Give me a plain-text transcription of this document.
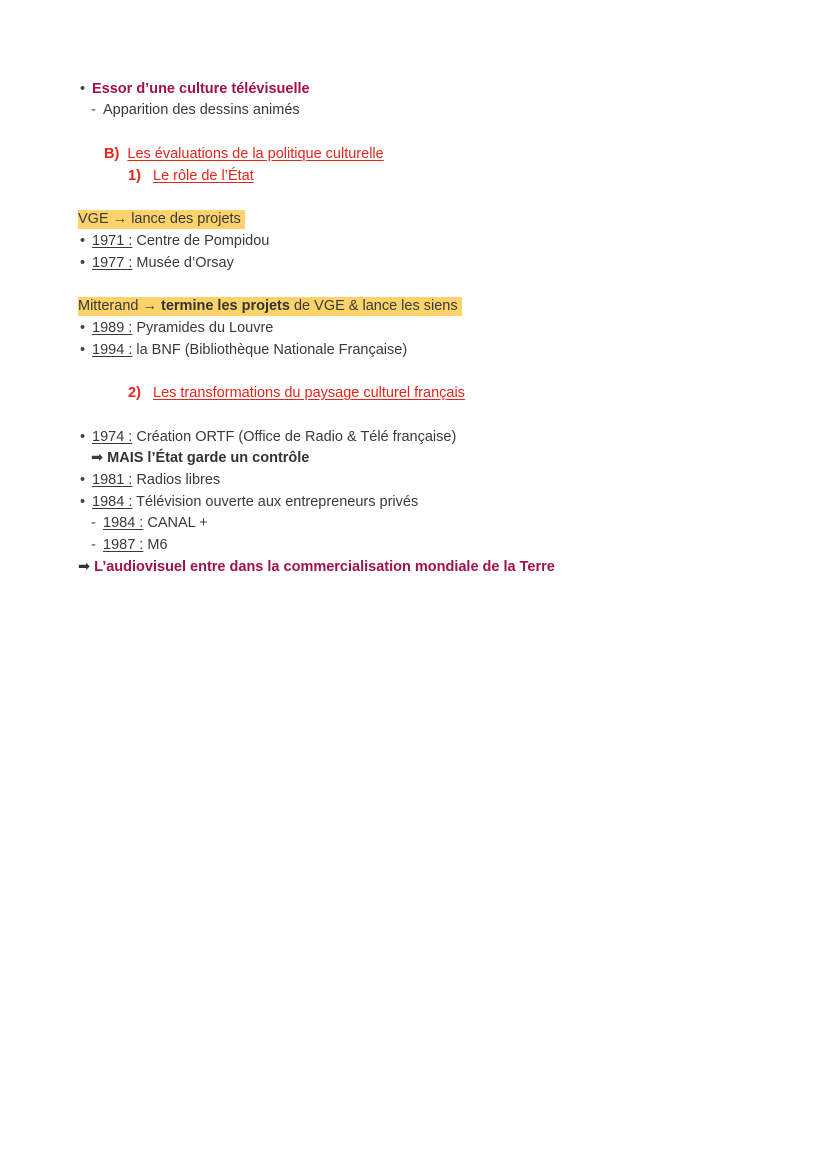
• Essor d’une culture télévisuelle
- Apparition des dessins animés
B) Les évaluations de la politique culturelle
1) Le rôle de l’État
VGE → lance des projets
• 1971 : Centre de Pompidou
• 1977 : Musée d’Orsay
Mitterand → termine les projets de VGE & lance les siens
• 1989 : Pyramides du Louvre
• 1994 : la BNF (Bibliothèque Nationale Française)
2) Les transformations du paysage culturel français
• 1974 : Création ORTF (Office de Radio & Télé française)
➡ MAIS l’État garde un contrôle
• 1981 : Radios libres
• 1984 : Télévision ouverte aux entrepreneurs privés
- 1984 : CANAL +
- 1987 : M6
➡ L’audiovisuel entre dans la commercialisation mondiale de la Terre
